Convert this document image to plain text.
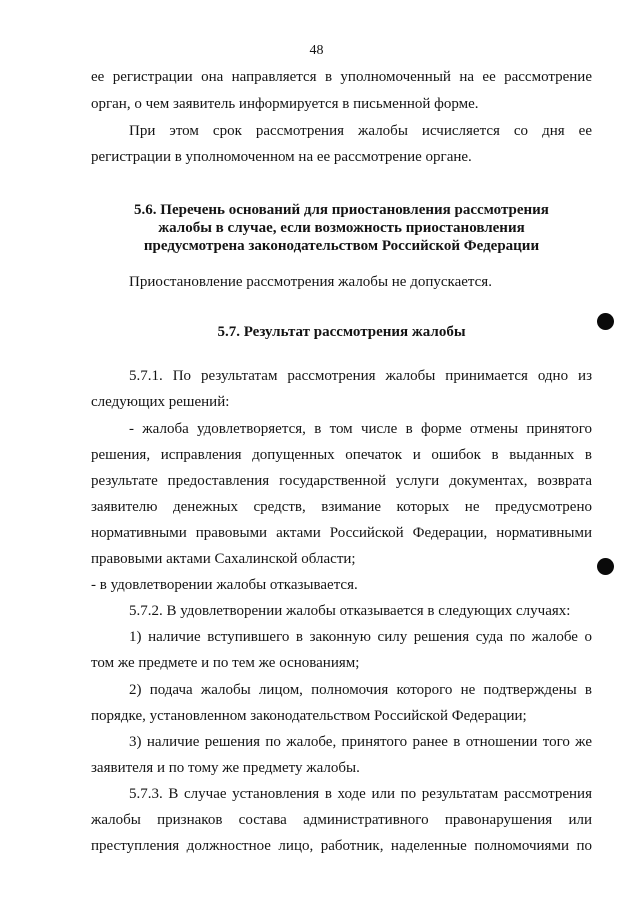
48
ее регистрации она направляется в уполномоченный на ее рассмотрение
орган, о чем заявитель информируется в письменной форме.
При этом срок рассмотрения жалобы исчисляется со дня ее
регистрации в уполномоченном на ее рассмотрение органе.
5.6. Перечень оснований для приостановления рассмотрения
жалобы в случае, если возможность приостановления
предусмотрена законодательством Российской Федерации
Приостановление рассмотрения жалобы не допускается.
5.7. Результат рассмотрения жалобы
5.7.1. По результатам рассмотрения жалобы принимается одно из
следующих решений:
- жалоба удовлетворяется, в том числе в форме отмены принятого
решения, исправления допущенных опечаток и ошибок в выданных в
результате предоставления государственной услуги документах, возврата
заявителю денежных средств, взимание которых не предусмотрено
нормативными правовыми актами Российской Федерации, нормативными
правовыми актами Сахалинской области;
- в удовлетворении жалобы отказывается.
5.7.2. В удовлетворении жалобы отказывается в следующих случаях:
1) наличие вступившего в законную силу решения суда по жалобе о
том же предмете и по тем же основаниям;
2) подача жалобы лицом, полномочия которого не подтверждены в
порядке, установленном законодательством Российской Федерации;
3) наличие решения по жалобе, принятого ранее в отношении того же
заявителя и по тому же предмету жалобы.
5.7.3. В случае установления в ходе или по результатам рассмотрения
жалобы признаков состава административного правонарушения или
преступления должностное лицо, работник, наделенные полномочиями по
